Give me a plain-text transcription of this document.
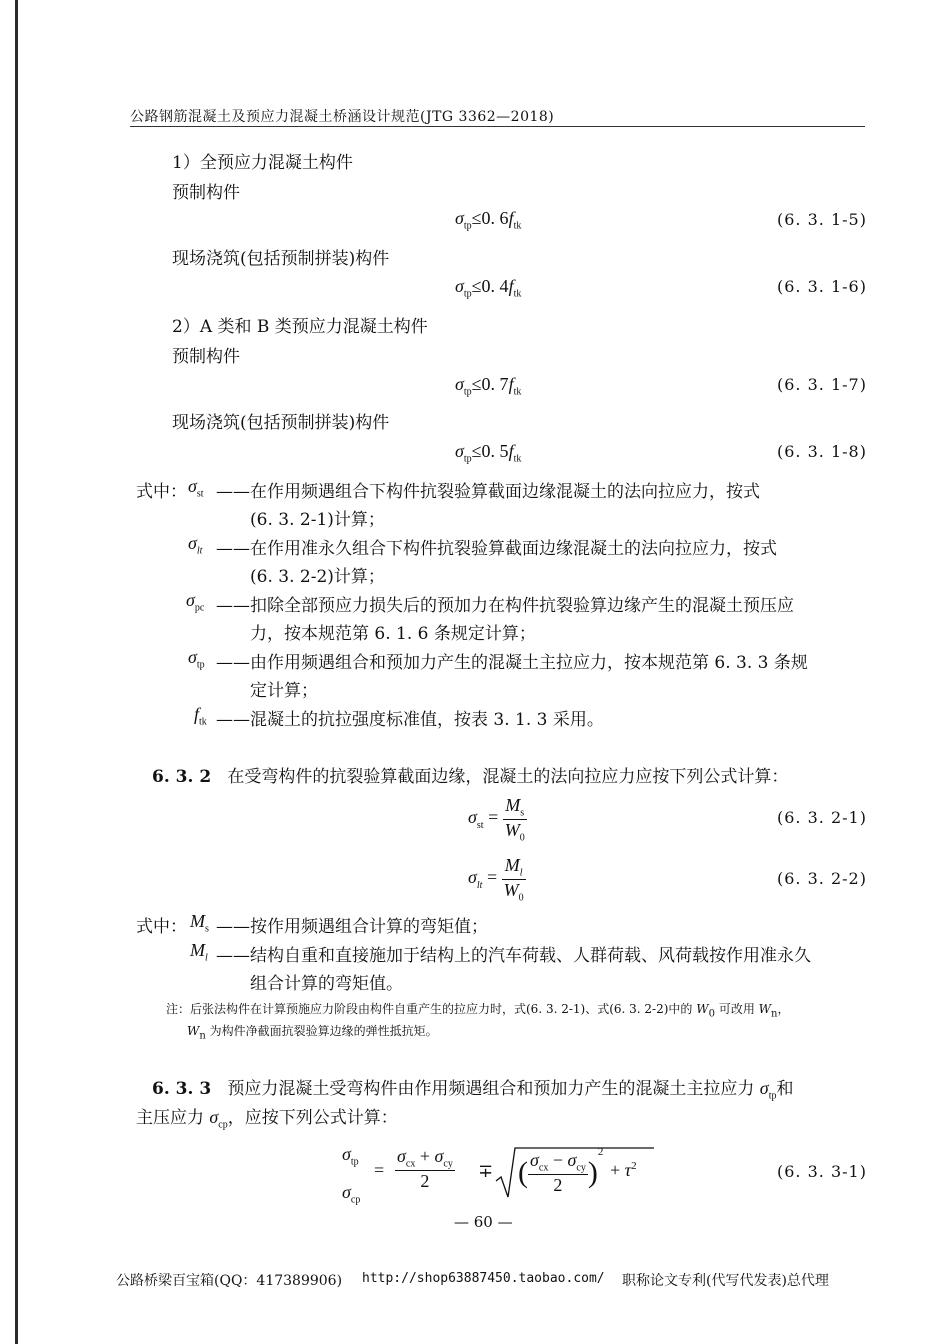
公路钢筋混凝土及预应力混凝土桥涵设计规范(JTG 3362—2018)
1）全预应力混凝土构件
预制构件
$\sigma_{tp}\le 0$. $6f_{tk}$	(6. 3. 1-5)
现场浇筑(包括预制拼装)构件
$\sigma_{tp}\le 0$. $4f_{tk}$	(6. 3. 1-6)
2）A 类和 B 类预应力混凝土构件
预制构件
$\sigma_{tp}\le 0$. $7f_{tk}$	(6. 3. 1-7)
现场浇筑(包括预制拼装)构件
$\sigma_{tp}\le 0$. $5f_{tk}$	(6. 3. 1-8)
式中： $\sigma_{st}$ ——在作用频遇组合下构件抗裂验算截面边缘混凝土的法向拉应力，按式
(6. 3. 2-1)计算；
$\sigma_{lt}$ ——在作用准永久组合下构件抗裂验算截面边缘混凝土的法向拉应力，按式
(6. 3. 2-2)计算；
$\sigma_{pc}$ ——扣除全部预应力损失后的预加力在构件抗裂验算边缘产生的混凝土预压应
力，按本规范第 6. 1. 6 条规定计算；
$\sigma_{tp}$ ——由作用频遇组合和预加力产生的混凝土主拉应力，按本规范第 6. 3. 3 条规
定计算；
$f_{tk}$ ——混凝土的抗拉强度标准值，按表 3. 1. 3 采用。
6. 3. 2 在受弯构件的抗裂验算截面边缘，混凝土的法向拉应力应按下列公式计算：
$\sigma_{st} = \frac{M_s}{W_0}$	(6. 3. 2-1)
$\sigma_{lt} = \frac{M_l}{W_0}$	(6. 3. 2-2)
式中： $M_s$ ——按作用频遇组合计算的弯矩值；
$M_l$ ——结构自重和直接施加于结构上的汽车荷载、人群荷载、风荷载按作用准永久
组合计算的弯矩值。
注：后张法构件在计算预施应力阶段由构件自重产生的拉应力时，式(6. 3. 2-1)、式(6. 3. 2-2)中的 $W_0$ 可改用 $W_n$，
$W_n$ 为构件净截面抗裂验算边缘的弹性抵抗矩。
6. 3. 3 预应力混凝土受弯构件由作用频遇组合和预加力产生的混凝土主拉应力 $\sigma_{tp}$和
主压应力 $\sigma_{cp}$，应按下列公式计算：
$\sigma_{tp}$
$\sigma_{cp}$
= $\frac{\sigma_{cx} + \sigma_{cy}}{2}$ ∓ ( $\frac{\sigma_{cx} - \sigma_{cy}}{2} )^2$
+ $\tau^2$	(6. 3. 3-1)
— 60 —
公路桥梁百宝箱(QQ：417389906) http://shop63887450.taobao.com/ 职称论文专利(代写代发表)总代理
